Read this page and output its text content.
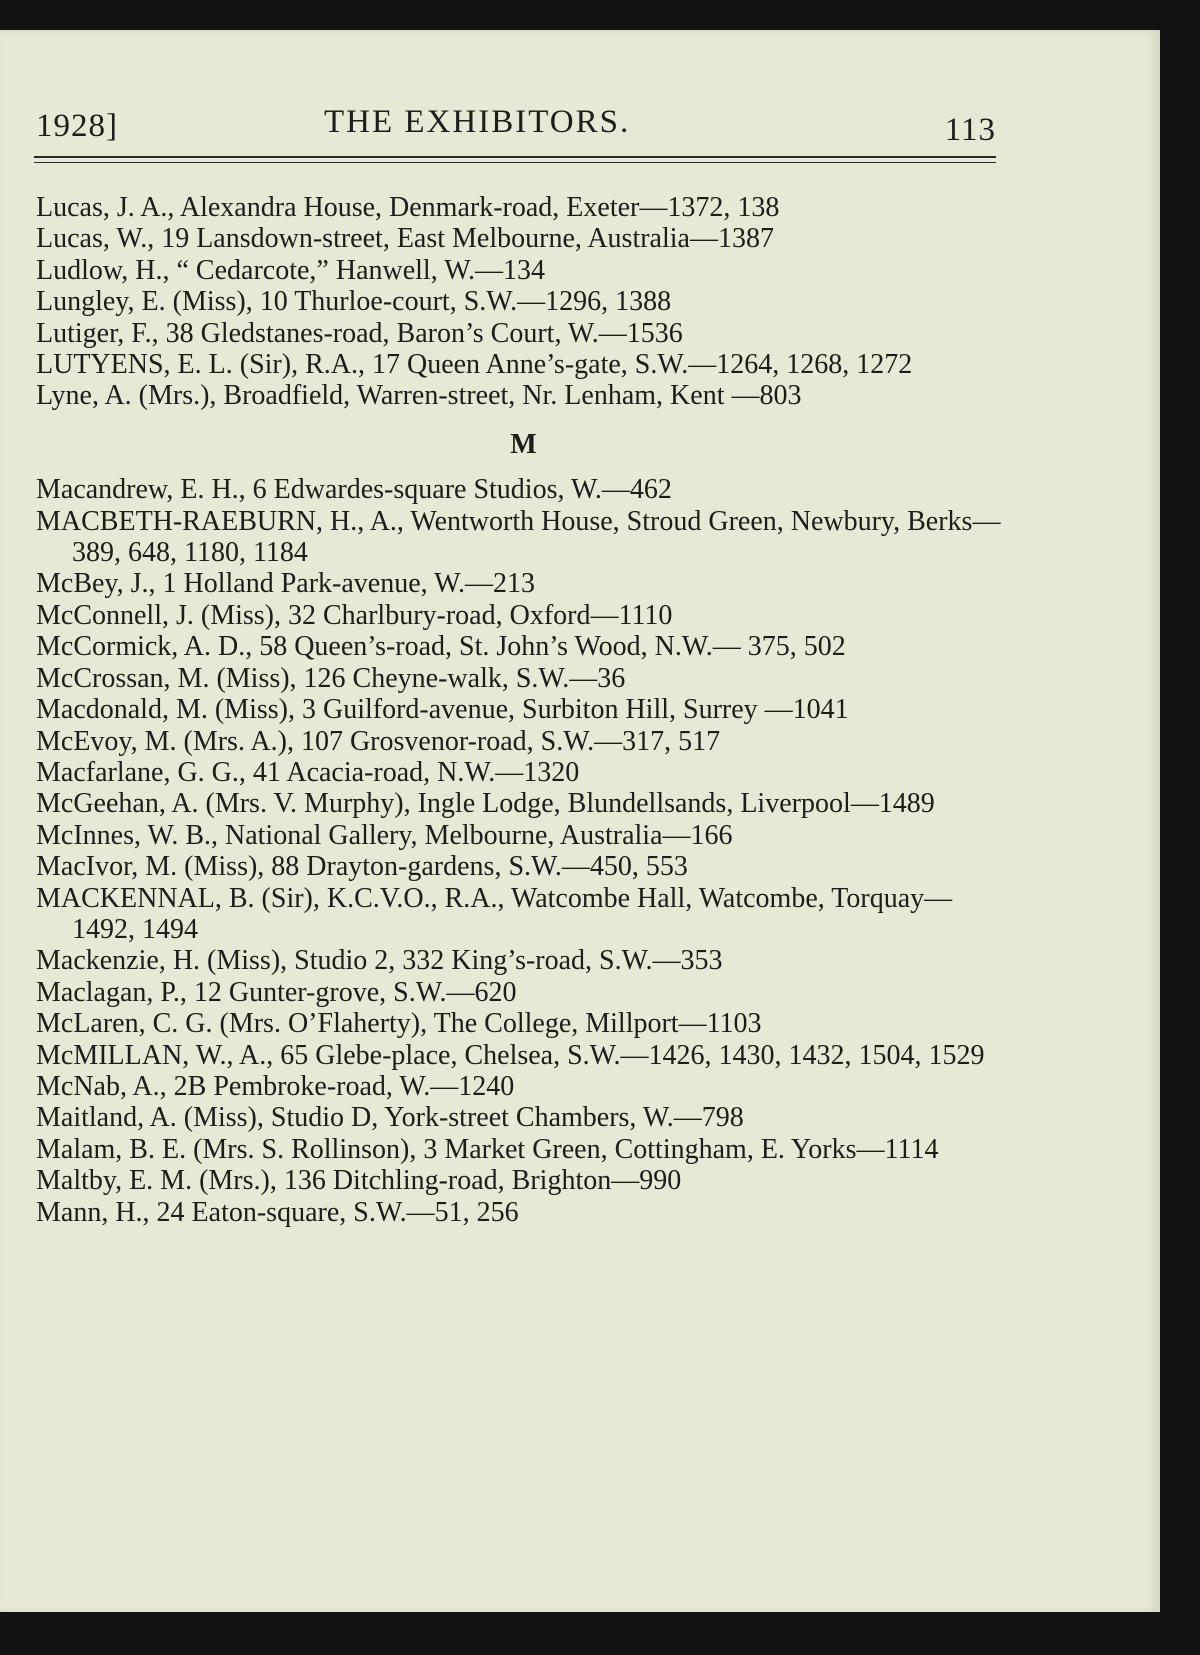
1928]	THE EXHIBITORS.	113

Lucas, J. A., Alexandra House, Denmark-road, Exeter—1372, 138

Lucas, W., 19 Lansdown-street, East Melbourne, Australia—1387

Ludlow, H., “ Cedarcote,” Hanwell, W.—134

Lungley, E. (Miss), 10 Thurloe-court, S.W.—1296, 1388

Lutiger, F., 38 Gledstanes-road, Baron’s Court, W.—1536

LUTYENS, E. L. (Sir), R.A., 17 Queen Anne’s-gate, S.W.—1264, 1268, 1272

Lyne, A. (Mrs.), Broadfield, Warren-street, Nr. Lenham, Kent —803

M

Macandrew, E. H., 6 Edwardes-square Studios, W.—462

MACBETH-RAEBURN, H., A., Wentworth House, Stroud Green, Newbury, Berks—389, 648, 1180, 1184

McBey, J., 1 Holland Park-avenue, W.—213

McConnell, J. (Miss), 32 Charlbury-road, Oxford—1110

McCormick, A. D., 58 Queen’s-road, St. John’s Wood, N.W.— 375, 502

McCrossan, M. (Miss), 126 Cheyne-walk, S.W.—36

Macdonald, M. (Miss), 3 Guilford-avenue, Surbiton Hill, Surrey —1041

McEvoy, M. (Mrs. A.), 107 Grosvenor-road, S.W.—317, 517

Macfarlane, G. G., 41 Acacia-road, N.W.—1320

McGeehan, A. (Mrs. V. Murphy), Ingle Lodge, Blundellsands, Liverpool—1489

McInnes, W. B., National Gallery, Melbourne, Australia—166

MacIvor, M. (Miss), 88 Drayton-gardens, S.W.—450, 553

MACKENNAL, B. (Sir), K.C.V.O., R.A., Watcombe Hall, Watcombe, Torquay—1492, 1494

Mackenzie, H. (Miss), Studio 2, 332 King’s-road, S.W.—353

Maclagan, P., 12 Gunter-grove, S.W.—620

McLaren, C. G. (Mrs. O’Flaherty), The College, Millport—1103

McMILLAN, W., A., 65 Glebe-place, Chelsea, S.W.—1426, 1430, 1432, 1504, 1529

McNab, A., 2B Pembroke-road, W.—1240

Maitland, A. (Miss), Studio D, York-street Chambers, W.—798

Malam, B. E. (Mrs. S. Rollinson), 3 Market Green, Cottingham, E. Yorks—1114

Maltby, E. M. (Mrs.), 136 Ditchling-road, Brighton—990

Mann, H., 24 Eaton-square, S.W.—51, 256
